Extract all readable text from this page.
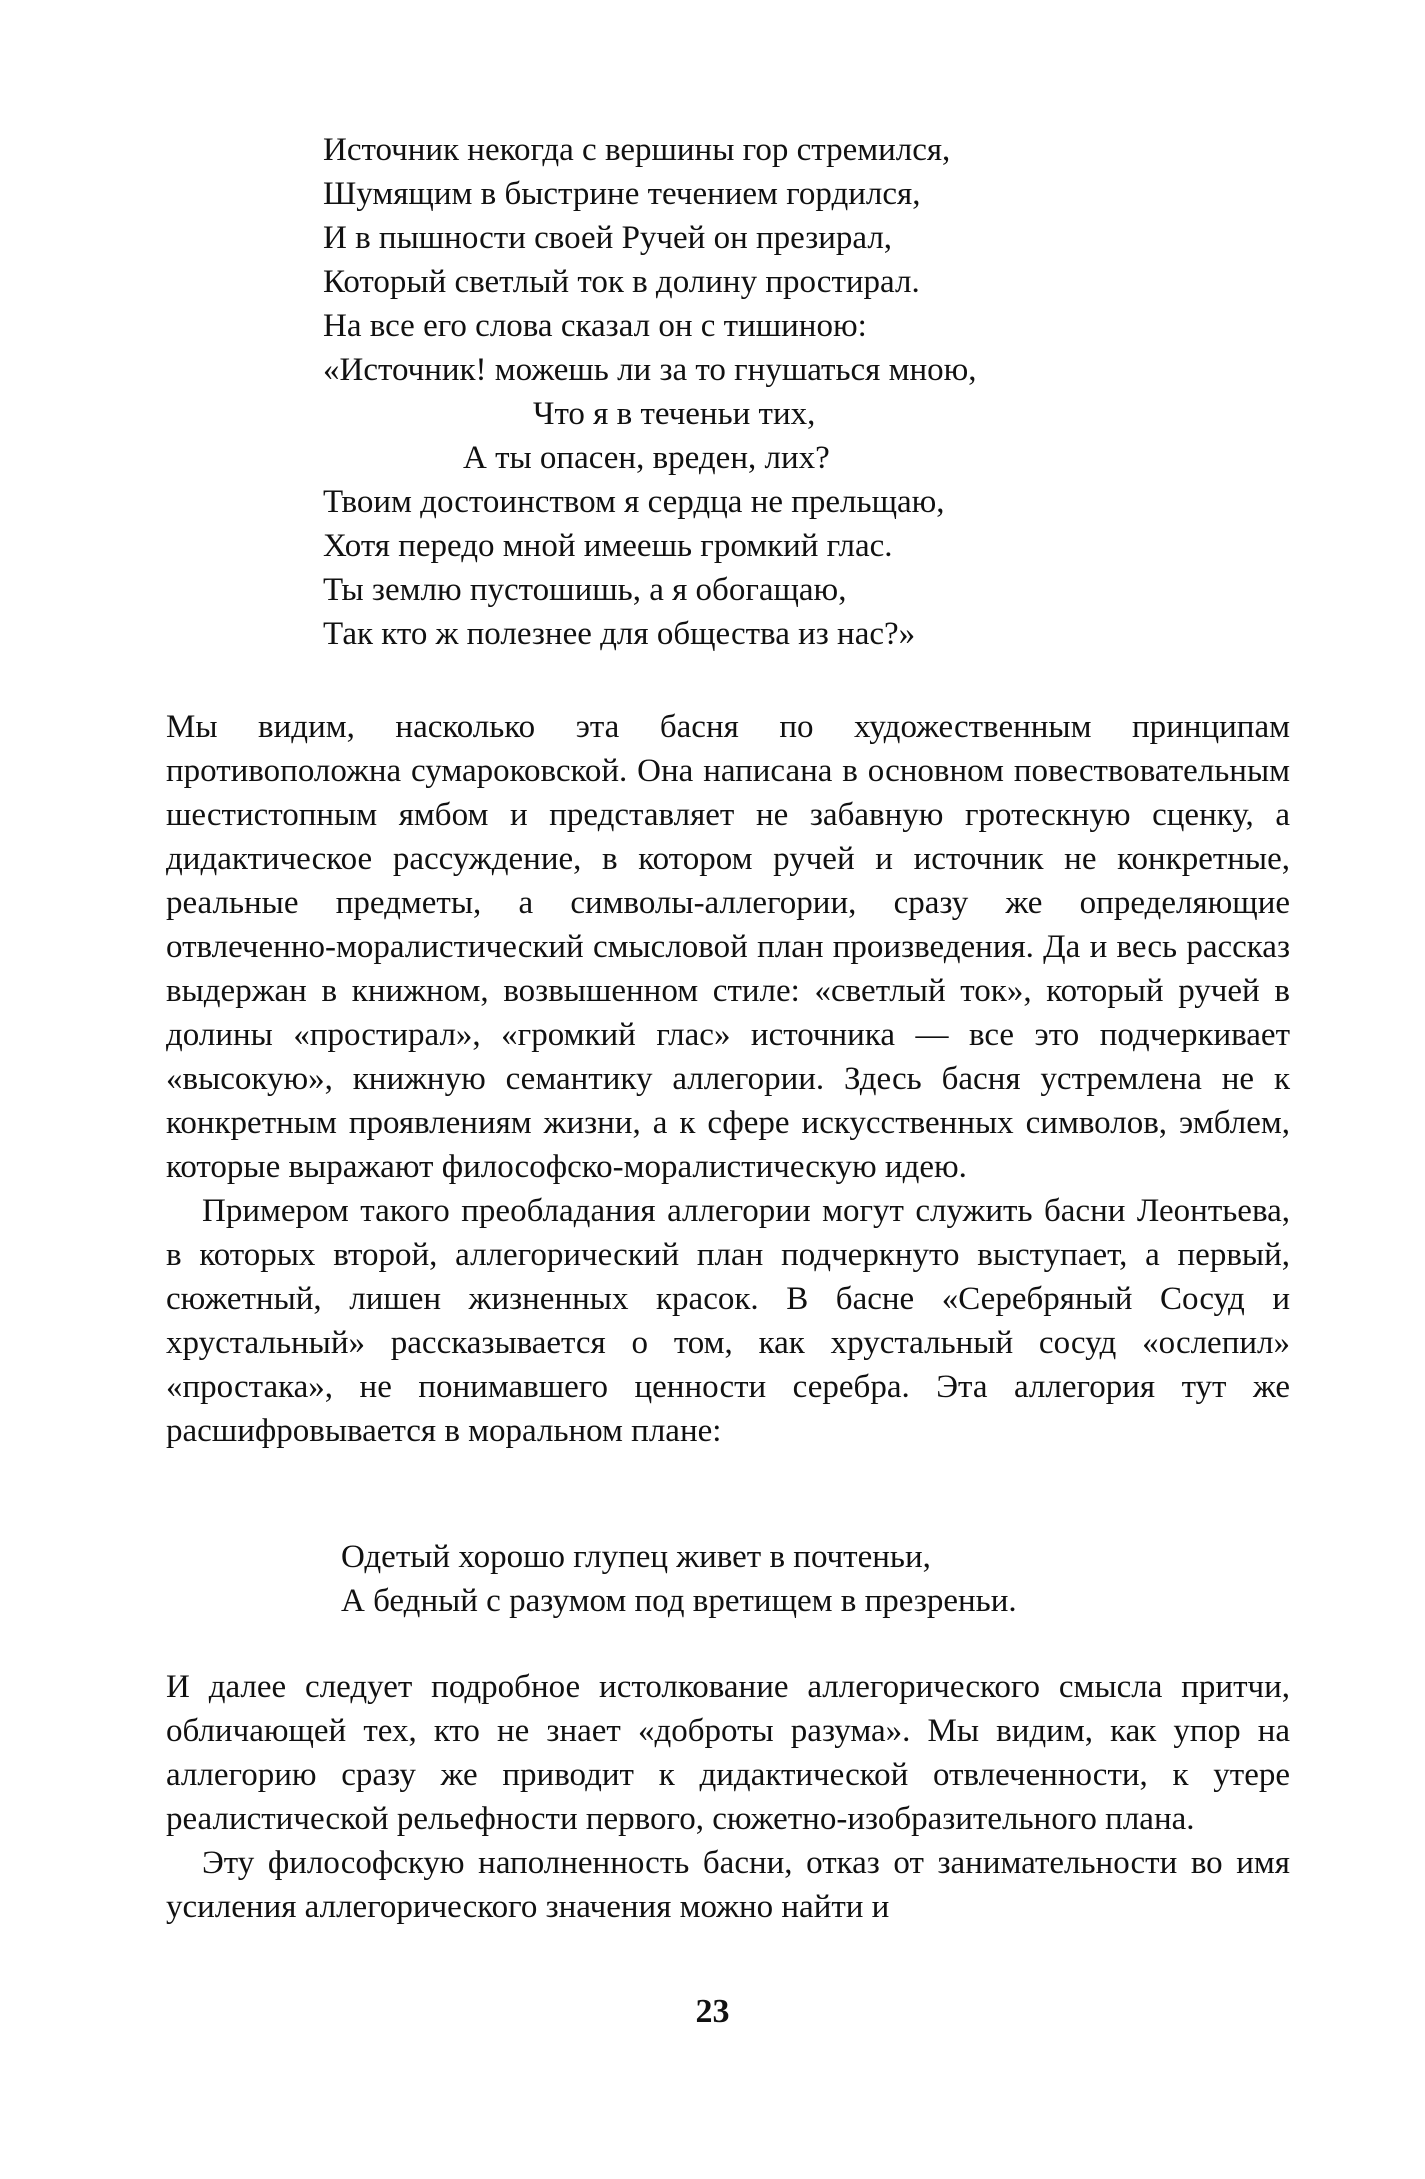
Источник некогда с вершины гор стремился,
Шумящим в быстрине течением гордился,
И в пышности своей Ручей он презирал,
Который светлый ток в долину простирал.
На все его слова сказал он с тишиною:
«Источник! можешь ли за то гнушаться мною,
Что я в теченьи тих,
А ты опасен, вреден, лих?
Твоим достоинством я сердца не прельщаю,
Хотя передо мной имеешь громкий глас.
Ты землю пустошишь, а я обогащаю,
Так кто ж полезнее для общества из нас?»

Мы видим, насколько эта басня по художественным принципам противоположна сумароковской. Она написана в основном повествовательным шестистопным ямбом и представляет не забавную гротескную сценку, а дидактическое рассуждение, в котором ручей и источник не конкретные, реальные предметы, а символы-аллегории, сразу же определяющие отвлеченно-моралистический смысловой план произведения. Да и весь рассказ выдержан в книжном, возвышенном стиле: «светлый ток», который ручей в долины «простирал», «громкий глас» источника — все это подчеркивает «высокую», книжную семантику аллегории. Здесь басня устремлена не к конкретным проявлениям жизни, а к сфере искусственных символов, эмблем, которые выражают философско-моралистическую идею.

Примером такого преобладания аллегории могут служить басни Леонтьева, в которых второй, аллегорический план подчеркнуто выступает, а первый, сюжетный, лишен жизненных красок. В басне «Серебряный Сосуд и хрустальный» рассказывается о том, как хрустальный сосуд «ослепил» «простака», не понимавшего ценности серебра. Эта аллегория тут же расшифровывается в моральном плане:

Одетый хорошо глупец живет в почтеньи,
А бедный с разумом под вретищем в презреньи.

И далее следует подробное истолкование аллегорического смысла притчи, обличающей тех, кто не знает «доброты разума». Мы видим, как упор на аллегорию сразу же приводит к дидактической отвлеченности, к утере реалистической рельефности первого, сюжетно-изобразительного плана.

Эту философскую наполненность басни, отказ от занимательности во имя усиления аллегорического значения можно найти и

23
